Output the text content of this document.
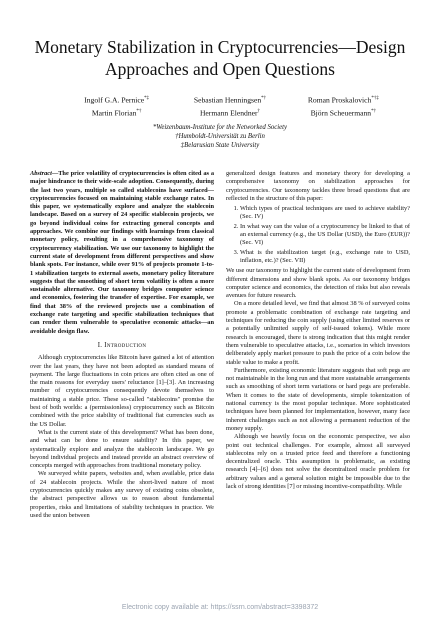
Monetary Stabilization in Cryptocurrencies—Design Approaches and Open Questions
Ingolf G.A. Pernice*‡	Sebastian Henningsen*†	Roman Proskalovich*†‡
Martin Florian*†	Hermann Elendner†	Björn Scheuermann*†
*Weizenbaum-Institute for the Networked Society
†Humboldt-Universität zu Berlin
‡Belarusian State University

Abstract—The price volatility of cryptocurrencies is often cited as a major hindrance to their wide-scale adoption. Consequently, during the last two years, multiple so called stablecoins have surfaced—cryptocurrencies focused on maintaining stable exchange rates. In this paper, we systematically explore and analyze the stablecoin landscape. Based on a survey of 24 specific stablecoin projects, we go beyond individual coins for extracting general concepts and approaches. We combine our findings with learnings from classical monetary policy, resulting in a comprehensive taxonomy of cryptocurrency stabilization. We use our taxonomy to highlight the current state of development from different perspectives and show blank spots. For instance, while over 91% of projects promote 1-to-1 stabilization targets to external assets, monetary policy literature suggests that the smoothing of short term volatility is often a more sustainable alternative. Our taxonomy bridges computer science and economics, fostering the transfer of expertise. For example, we find that 38% of the reviewed projects use a combination of exchange rate targeting and specific stabilization techniques that can render them vulnerable to speculative economic attacks—an avoidable design flaw.

I. Introduction

Although cryptocurrencies like Bitcoin have gained a lot of attention over the last years, they have not been adopted as standard means of payment. The large fluctuations in coin prices are often cited as one of the main reasons for everyday users' reluctance [1]–[3]. An increasing number of cryptocurrencies consequently devote themselves to maintaining a stable price. These so-called "stablecoins" promise the best of both worlds: a (permissionless) cryptocurrency such as Bitcoin combined with the price stability of traditional fiat currencies such as the US Dollar.

What is the current state of this development? What has been done, and what can be done to ensure stability? In this paper, we systematically explore and analyze the stablecoin landscape. We go beyond individual projects and instead provide an abstract overview of concepts merged with approaches from traditional monetary policy.

We surveyed white papers, websites and, when available, price data of 24 stablecoin projects. While the short-lived nature of most cryptocurrencies quickly makes any survey of existing coins obsolete, the abstract perspective allows us to reason about fundamental properties, risks and limitations of stability techniques in practice. We used the union between

generalized design features and monetary theory for developing a comprehensive taxonomy on stabilization approaches for cryptocurrencies. Our taxonomy tackles three broad questions that are reflected in the structure of this paper:

1. Which types of practical techniques are used to achieve stability? (Sec. IV)
2. In what way can the value of a cryptocurrency be linked to that of an external currency (e.g., the US Dollar (USD), the Euro (EUR))? (Sec. VI)
3. What is the stabilization target (e.g., exchange rate to USD, inflation, etc.)? (Sec. VII)

We use our taxonomy to highlight the current state of development from different dimensions and show blank spots. As our taxonomy bridges computer science and economics, the detection of risks but also reveals avenues for future research.

On a more detailed level, we find that almost 38 % of surveyed coins promote a problematic combination of exchange rate targeting and techniques for reducing the coin supply (using either limited reserves or a potentially unlimited supply of self-issued tokens). While more research is encouraged, there is strong indication that this might render them vulnerable to speculative attacks, i.e., scenarios in which investors deliberately apply market pressure to push the price of a coin below the stable value to make a profit.

Furthermore, existing economic literature suggests that soft pegs are not maintainable in the long run and that more sustainable arrangements such as smoothing of short term variations or hard pegs are preferable. When it comes to the state of developments, simple tokenization of national currency is the most popular technique. More sophisticated techniques have been planned for implementation, however, many face inherent challenges such as not allowing a permanent reduction of the money supply.

Although we heavily focus on the economic perspective, we also point out technical challenges. For example, almost all surveyed stablecoins rely on a trusted price feed and therefore a functioning decentralized oracle. This assumption is problematic, as existing research [4]–[6] does not solve the decentralized oracle problem for arbitrary values and a general solution might be impossible due to the lack of strong identities [7] or missing incentive-compatibility. While

Electronic copy available at: https://ssrn.com/abstract=3398372
